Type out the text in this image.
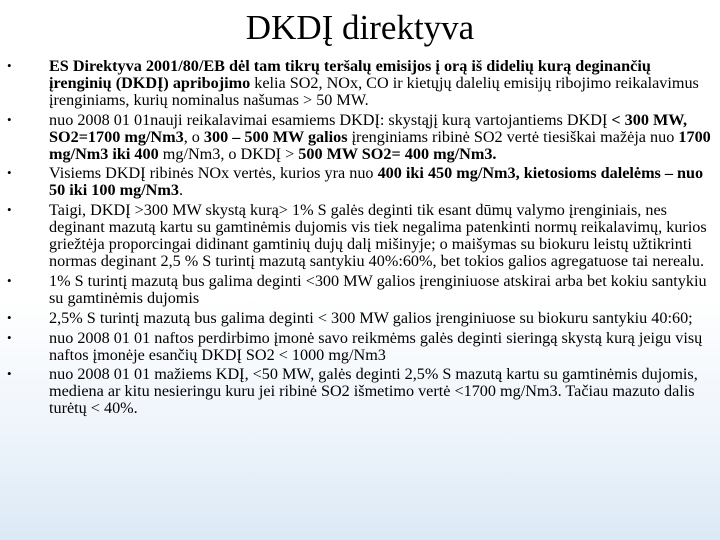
DKDĮ direktyva
•	ES Direktyva 2001/80/EB dėl tam tikrų teršalų emisijos į orą iš didelių kurą deginančių įrenginių (DKDĮ) apribojimo kelia SO2, NOx, CO ir kietųjų dalelių emisijų ribojimo reikalavimus įrenginiams, kurių nominalus našumas > 50 MW.
•	nuo 2008 01 01nauji reikalavimai esamiems DKDĮ: skystąjį kurą vartojantiems DKDĮ < 300 MW, SO2=1700 mg/Nm3, o 300 – 500 MW galios įrenginiams ribinė SO2 vertė tiesiškai mažėja nuo 1700 mg/Nm3 iki 400 mg/Nm3, o DKDĮ > 500 MW SO2= 400 mg/Nm3.
•	Visiems DKDĮ ribinės NOx vertės, kurios yra nuo 400 iki 450 mg/Nm3, kietosioms dalelėms – nuo 50 iki 100 mg/Nm3.
•	Taigi, DKDĮ >300 MW skystą kurą> 1% S galės deginti tik esant dūmų valymo įrenginiais, nes deginant mazutą kartu su gamtinėmis dujomis vis tiek negalima patenkinti normų reikalavimų, kurios griežtėja proporcingai didinant gamtinių dujų dalį mišinyje; o maišymas su biokuru leistų užtikrinti normas deginant 2,5 % S turintį mazutą santykiu 40%:60%, bet tokios galios agregatuose tai nerealu.
•	1% S turintį mazutą bus galima deginti <300 MW galios įrenginiuose atskirai arba bet kokiu santykiu su gamtinėmis dujomis
•	2,5% S turintį mazutą bus galima deginti < 300 MW galios įrenginiuose su biokuru santykiu 40:60;
•	nuo 2008 01 01 naftos perdirbimo įmonė savo reikmėms galės deginti sieringą skystą kurą jeigu visų naftos įmonėje esančių DKDĮ SO2 < 1000 mg/Nm3
•	nuo 2008 01 01 mažiems KDĮ, <50 MW, galės deginti 2,5% S mazutą kartu su gamtinėmis dujomis, mediena ar kitu nesieringu kuru jei ribinė SO2 išmetimo vertė <1700 mg/Nm3. Tačiau mazuto dalis turėtų < 40%.
